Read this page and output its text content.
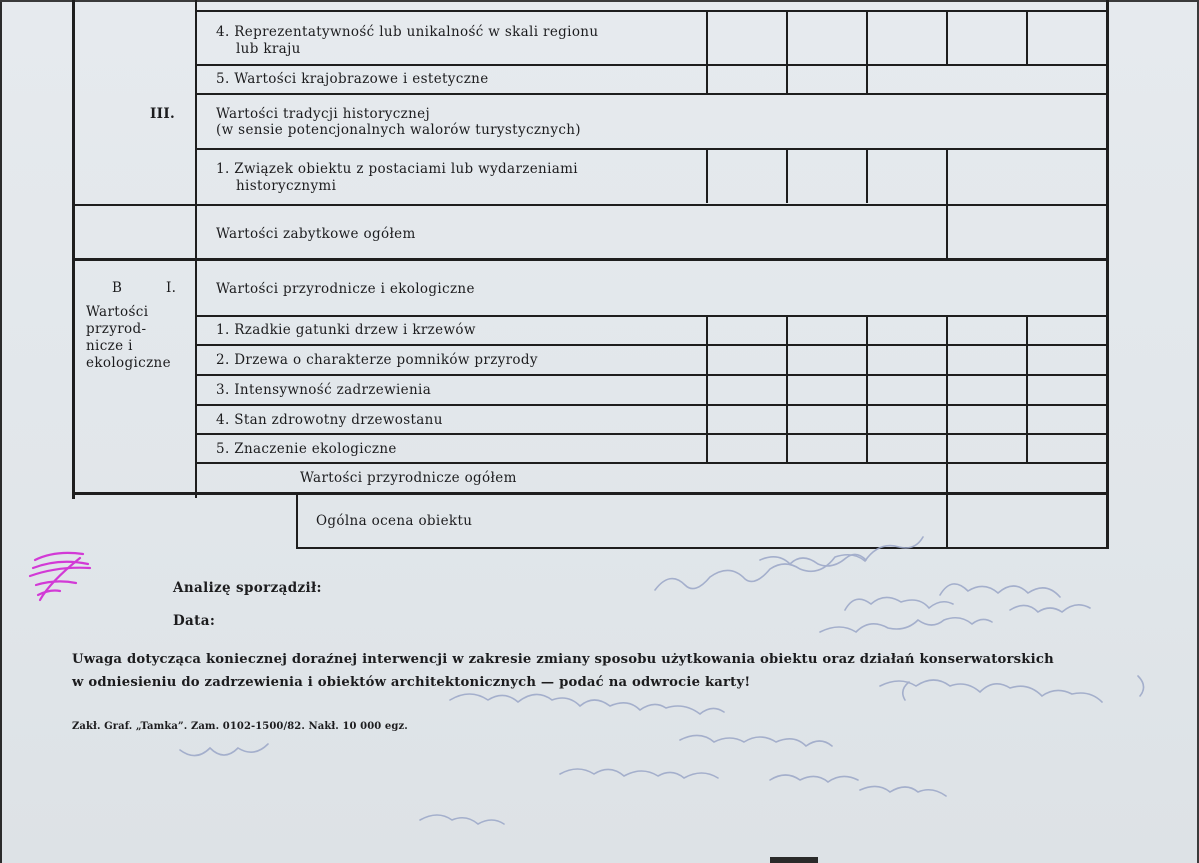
4. Reprezentatywność lub unikalność w skali regionu
lub kraju
5. Wartości krajobrazowe i estetyczne
III.	Wartości tradycji historycznej
(w sensie potencjonalnych walorów turystycznych)
1. Związek obiektu z postaciami lub wydarzeniami
historycznymi
Wartości zabytkowe ogółem
B	I.
Wartości
przyrod-
nicze i
ekologiczne
Wartości przyrodnicze i ekologiczne
1. Rzadkie gatunki drzew i krzewów
2. Drzewa o charakterze pomników przyrody
3. Intensywność zadrzewienia
4. Stan zdrowotny drzewostanu
5. Znaczenie ekologiczne
Wartości przyrodnicze ogółem
Ogólna ocena obiektu
Analizę sporządził:
Data:
Uwaga dotycząca koniecznej doraźnej interwencji w zakresie zmiany sposobu użytkowania obiektu oraz działań konserwatorskich
w odniesieniu do zadrzewienia i obiektów architektonicznych — podać na odwrocie karty!
Zakł. Graf. „Tamka”. Zam. 0102-1500/82. Nakł. 10 000 egz.
